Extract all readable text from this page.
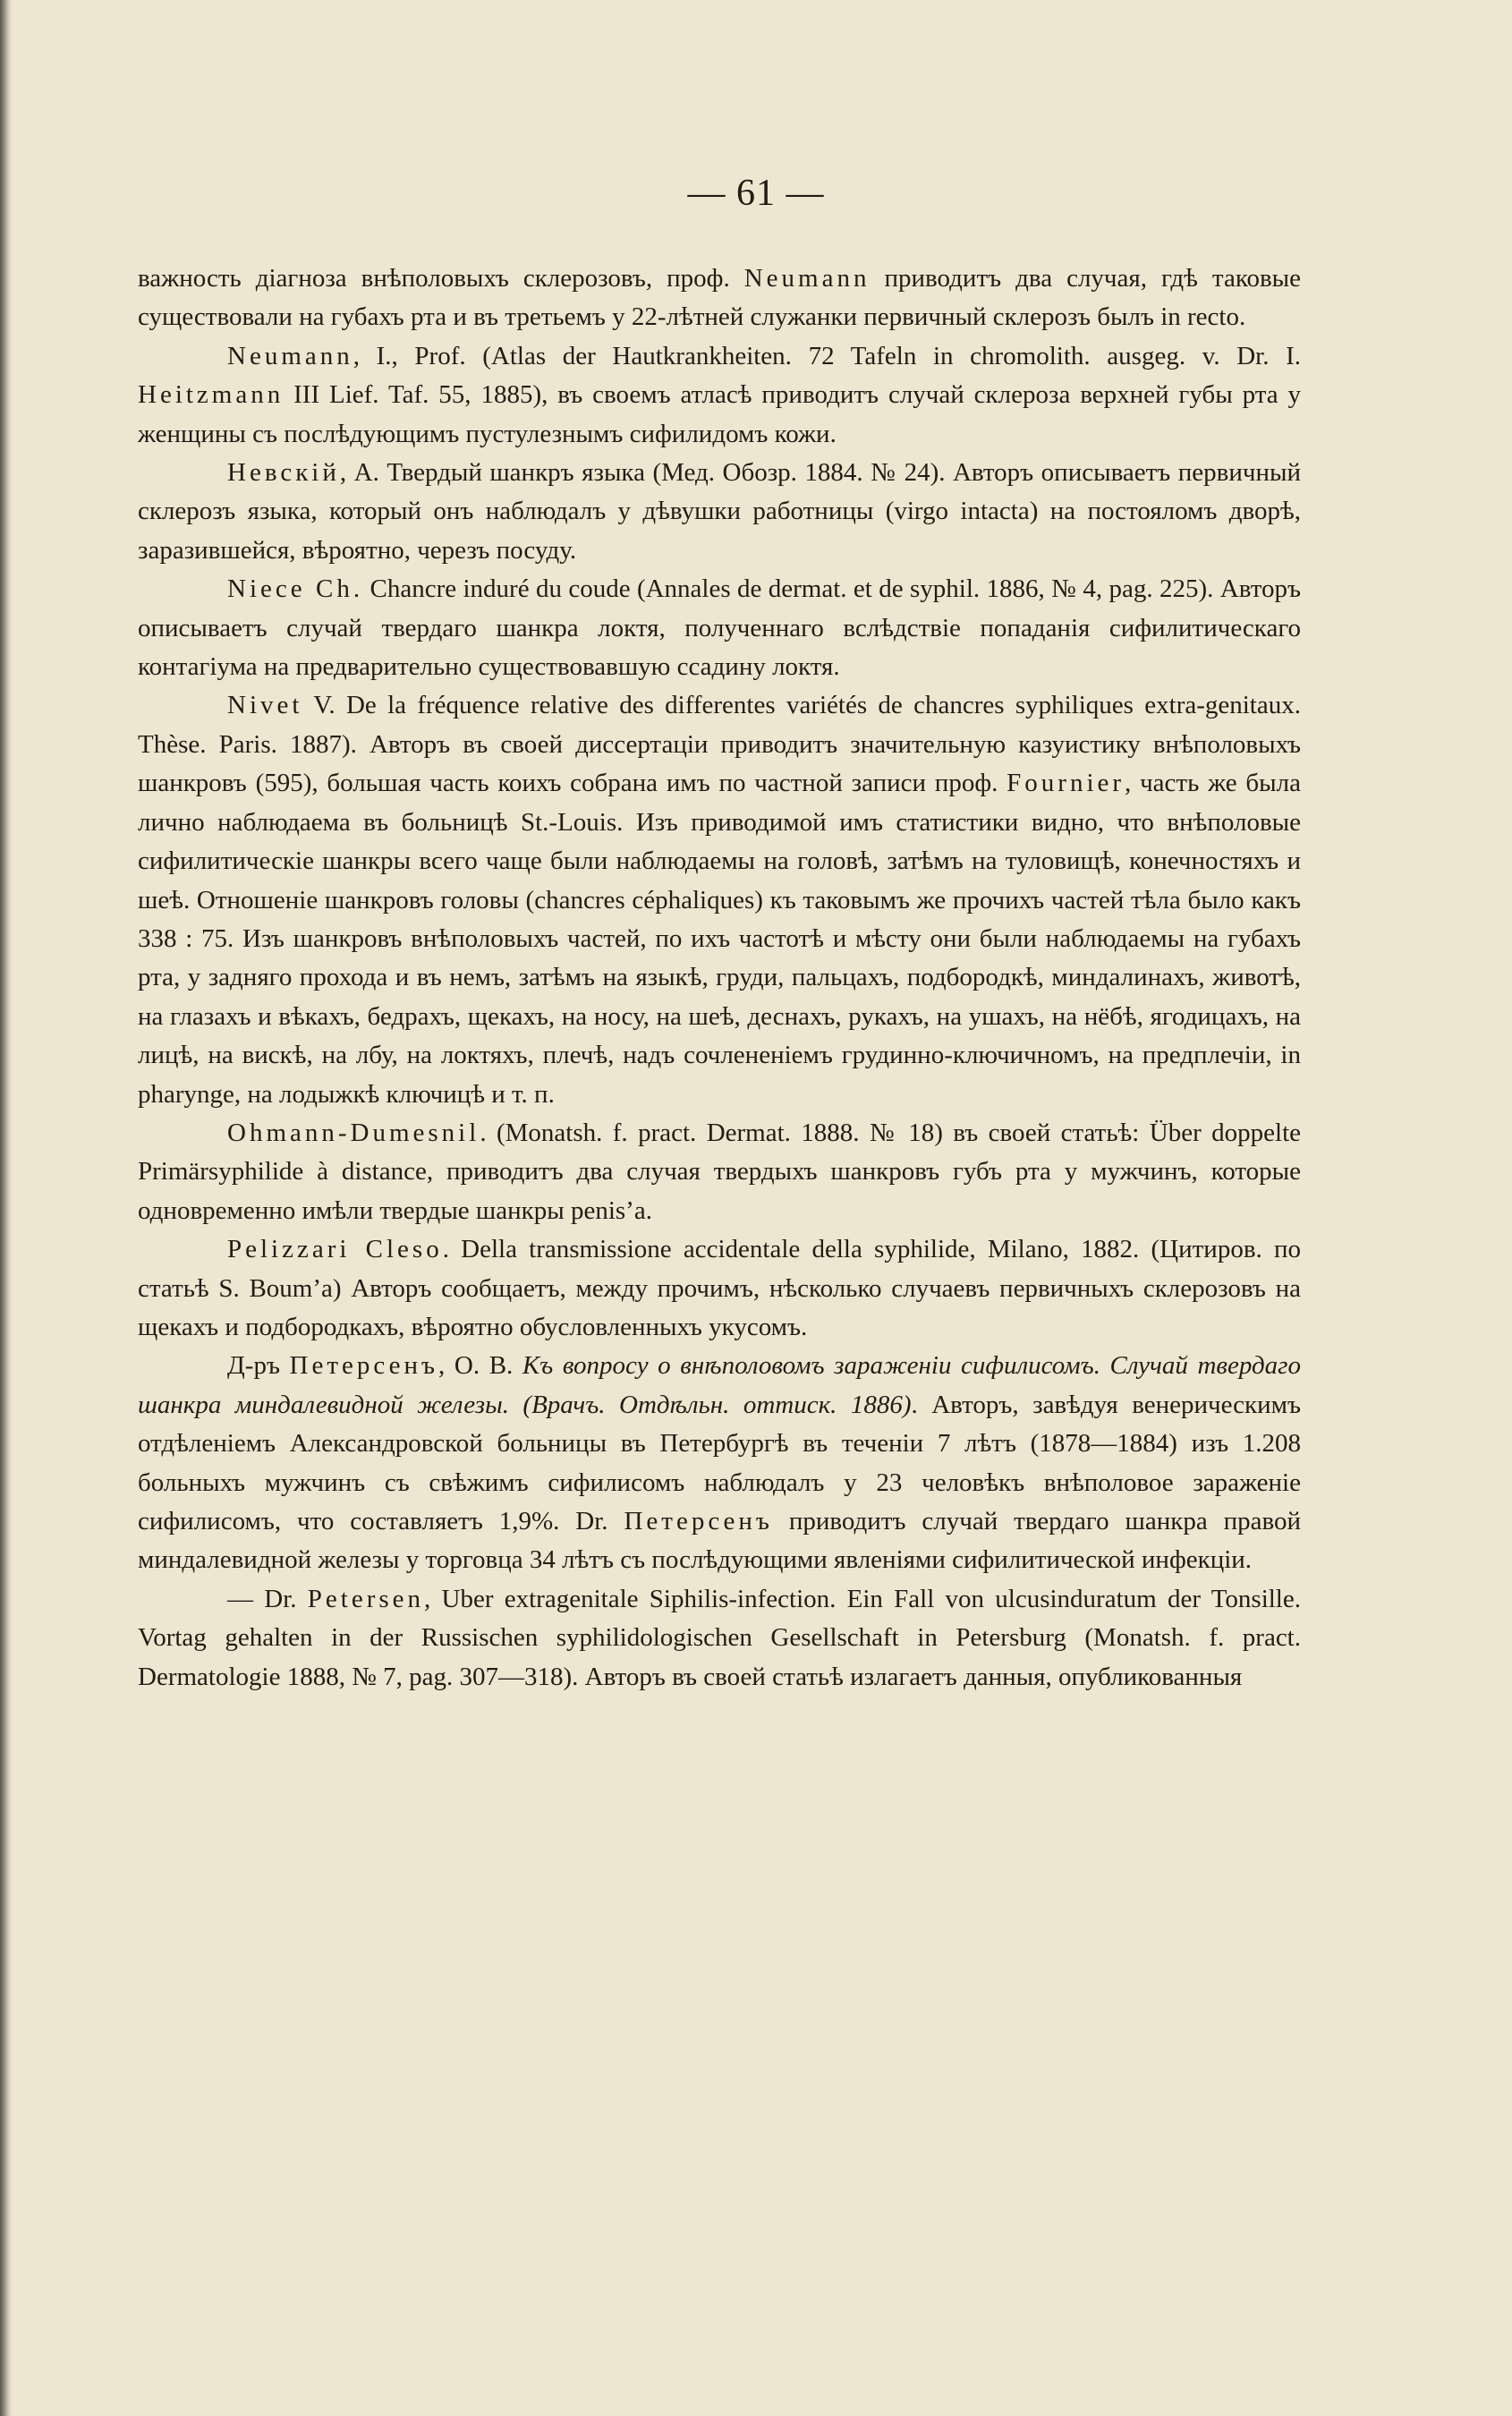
— 61 —

важность діагноза внѣполовыхъ склерозовъ, проф. Neumann приводитъ два случая, гдѣ таковые существовали на губахъ рта и въ третьемъ у 22-лѣтней служанки первичный склерозъ былъ in recto.

Neumann, I., Prof. (Atlas der Hautkrankheiten. 72 Tafeln in chromolith. ausgeg. v. Dr. I. Heitzmann III Lief. Taf. 55, 1885), въ своемъ атласѣ приводитъ случай склероза верхней губы рта у женщины съ послѣдующимъ пустулезнымъ сифилидомъ кожи.

Невскій, А. Твердый шанкръ языка (Мед. Обозр. 1884. № 24). Авторъ описываетъ первичный склерозъ языка, который онъ наблюдалъ у дѣвушки работницы (virgo intacta) на постояломъ дворѣ, заразившейся, вѣроятно, черезъ посуду.

Niece Ch. Chancre induré du coude (Annales de dermat. et de syphil. 1886, № 4, pag. 225). Авторъ описываетъ случай твердаго шанкра локтя, полученнаго вслѣдствіе попаданія сифилитическаго контагіума на предварительно существовавшую ссадину локтя.

Nivet V. De la fréquence relative des differentes variétés de chancres syphiliques extra-genitaux. Thèse. Paris. 1887). Авторъ въ своей диссертаціи приводитъ значительную казуистику внѣполовыхъ шанкровъ (595), большая часть коихъ собрана имъ по частной записи проф. Fournier, часть же была лично наблюдаема въ больницѣ St.-Louis. Изъ приводимой имъ статистики видно, что внѣполовые сифилитическіе шанкры всего чаще были наблюдаемы на головѣ, затѣмъ на туловищѣ, конечностяхъ и шеѣ. Отношеніе шанкровъ головы (chancres céphaliques) къ таковымъ же прочихъ частей тѣла было какъ 338 : 75. Изъ шанкровъ внѣполовыхъ частей, по ихъ частотѣ и мѣсту они были наблюдаемы на губахъ рта, у задняго прохода и въ немъ, затѣмъ на языкѣ, груди, пальцахъ, подбородкѣ, миндалинахъ, животѣ, на глазахъ и вѣкахъ, бедрахъ, щекахъ, на носу, на шеѣ, деснахъ, рукахъ, на ушахъ, на нёбѣ, ягодицахъ, на лицѣ, на вискѣ, на лбу, на локтяхъ, плечѣ, надъ сочлененіемъ грудинно-ключичномъ, на предплечіи, in pharynge, на лодыжкѣ ключицѣ и т. п.

Ohmann-Dumesnil. (Monatsh. f. pract. Dermat. 1888. № 18) въ своей статьѣ: Über doppelte Primärsyphilide à distance, приводитъ два случая твердыхъ шанкровъ губъ рта у мужчинъ, которые одновременно имѣли твердые шанкры penis’а.

Pelizzari Cleso. Della transmissione accidentale della syphilide, Milano, 1882. (Цитиров. по статьѣ S. Boum’а) Авторъ сообщаетъ, между прочимъ, нѣсколько случаевъ первичныхъ склерозовъ на щекахъ и подбородкахъ, вѣроятно обусловленныхъ укусомъ.

Д-ръ Петерсенъ, О. В. Къ вопросу о внѣполовомъ зараженіи сифилисомъ. Случай твердаго шанкра миндалевидной железы. (Врачъ. Отдѣльн. оттиск. 1886). Авторъ, завѣдуя венерическимъ отдѣленіемъ Александровской больницы въ Петербургѣ въ теченіи 7 лѣтъ (1878—1884) изъ 1.208 больныхъ мужчинъ съ свѣжимъ сифилисомъ наблюдалъ у 23 человѣкъ внѣполовое зараженіе сифилисомъ, что составляетъ 1,9%. Dr. Петерсенъ приводитъ случай твердаго шанкра правой миндалевидной железы у торговца 34 лѣтъ съ послѣдующими явленіями сифилитической инфекціи.

— Dr. Petersen, Uber extragenitale Siphilis-infection. Ein Fall von ulcusinduratum der Tonsille. Vortag gehalten in der Russischen syphilidologischen Gesellschaft in Petersburg (Monatsh. f. pract. Dermatologie 1888, № 7, pag. 307—318). Авторъ въ своей статьѣ излагаетъ данныя, опубликованныя
